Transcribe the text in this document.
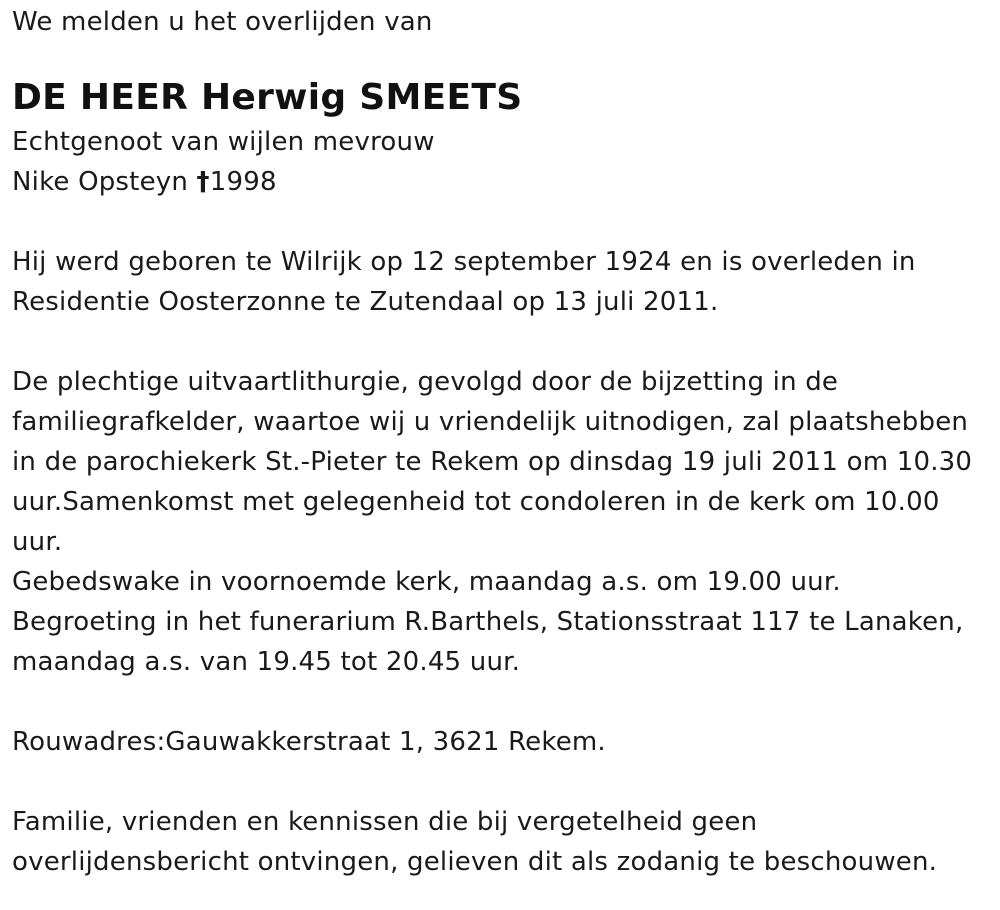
We melden u het overlijden van
DE HEER Herwig SMEETS
Echtgenoot van wijlen mevrouw
Nike Opsteyn †1998
Hij werd geboren te Wilrijk op 12 september 1924 en is overleden in
Residentie Oosterzonne te Zutendaal op 13 juli 2011.
De plechtige uitvaartlithurgie, gevolgd door de bijzetting in de
familiegrafkelder, waartoe wij u vriendelijk uitnodigen, zal plaatshebben
in de parochiekerk St.-Pieter te Rekem op dinsdag 19 juli 2011 om 10.30
uur.Samenkomst met gelegenheid tot condoleren in de kerk om 10.00
uur.
Gebedswake in voornoemde kerk, maandag a.s. om 19.00 uur.
Begroeting in het funerarium R.Barthels, Stationsstraat 117 te Lanaken,
maandag a.s. van 19.45 tot 20.45 uur.
Rouwadres:Gauwakkerstraat 1, 3621 Rekem.
Familie, vrienden en kennissen die bij vergetelheid geen
overlijdensbericht ontvingen, gelieven dit als zodanig te beschouwen.
